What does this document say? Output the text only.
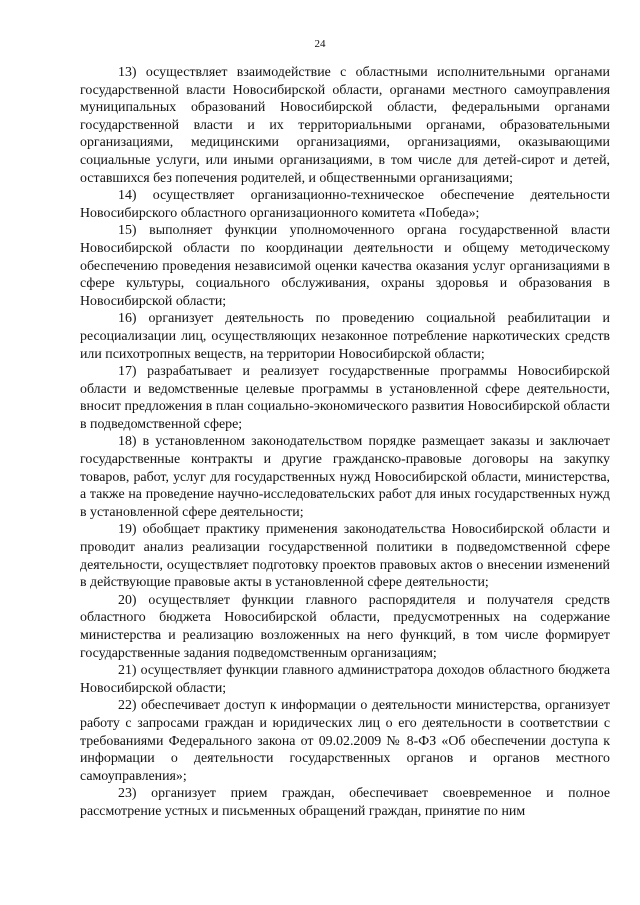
24

13) осуществляет взаимодействие с областными исполнительными органами государственной власти Новосибирской области, органами местного самоуправления муниципальных образований Новосибирской области, федеральными органами государственной власти и их территориальными органами, образовательными организациями, медицинскими организациями, организациями, оказывающими социальные услуги, или иными организациями, в том числе для детей-сирот и детей, оставшихся без попечения родителей, и общественными организациями;

14) осуществляет организационно-техническое обеспечение деятельности Новосибирского областного организационного комитета «Победа»;

15) выполняет функции уполномоченного органа государственной власти Новосибирской области по координации деятельности и общему методическому обеспечению проведения независимой оценки качества оказания услуг организациями в сфере культуры, социального обслуживания, охраны здоровья и образования в Новосибирской области;

16) организует деятельность по проведению социальной реабилитации и ресоциализации лиц, осуществляющих незаконное потребление наркотических средств или психотропных веществ, на территории Новосибирской области;

17) разрабатывает и реализует государственные программы Новосибирской области и ведомственные целевые программы в установленной сфере деятельности, вносит предложения в план социально-экономического развития Новосибирской области в подведомственной сфере;

18) в установленном законодательством порядке размещает заказы и заключает государственные контракты и другие гражданско-правовые договоры на закупку товаров, работ, услуг для государственных нужд Новосибирской области, министерства, а также на проведение научно-исследовательских работ для иных государственных нужд в установленной сфере деятельности;

19) обобщает практику применения законодательства Новосибирской области и проводит анализ реализации государственной политики в подведомственной сфере деятельности, осуществляет подготовку проектов правовых актов о внесении изменений в действующие правовые акты в установленной сфере деятельности;

20) осуществляет функции главного распорядителя и получателя средств областного бюджета Новосибирской области, предусмотренных на содержание министерства и реализацию возложенных на него функций, в том числе формирует государственные задания подведомственным организациям;

21) осуществляет функции главного администратора доходов областного бюджета Новосибирской области;

22) обеспечивает доступ к информации о деятельности министерства, организует работу с запросами граждан и юридических лиц о его деятельности в соответствии с требованиями Федерального закона от 09.02.2009 № 8-ФЗ «Об обеспечении доступа к информации о деятельности государственных органов и органов местного самоуправления»;

23) организует прием граждан, обеспечивает своевременное и полное рассмотрение устных и письменных обращений граждан, принятие по ним
